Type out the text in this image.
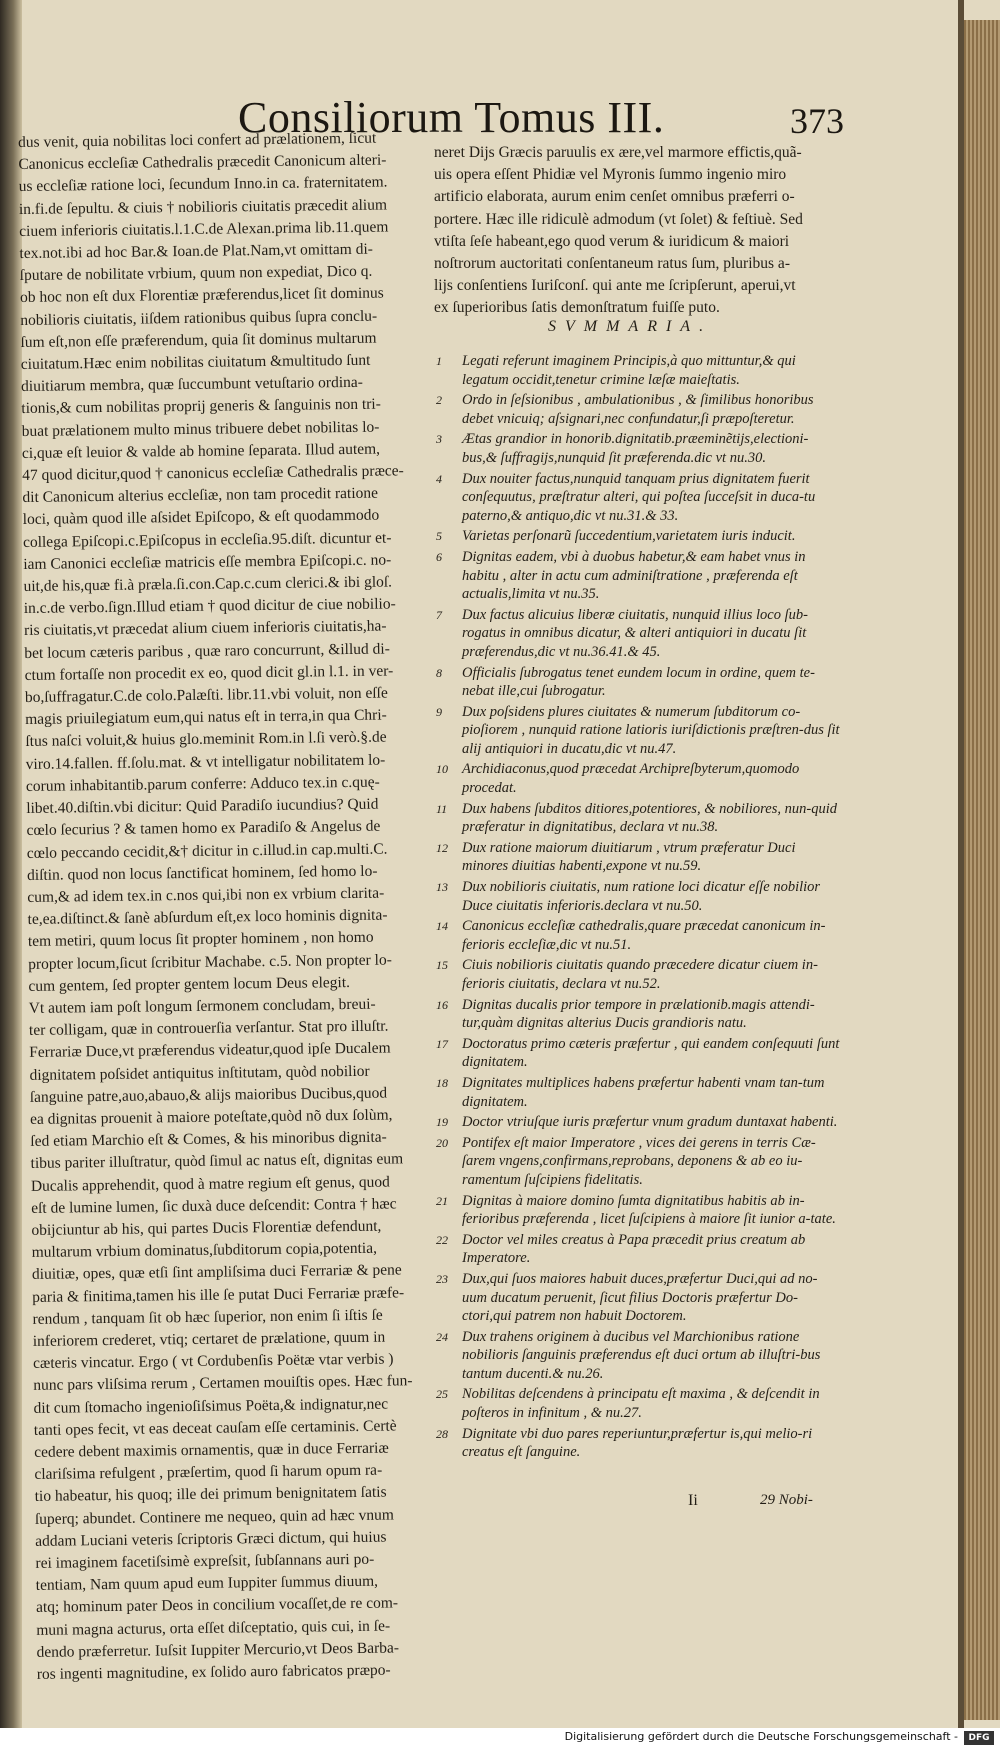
Consiliorum Tomus III.	373
dus venit, quia nobilitas loci confert ad prælationem, ſicut
Canonicus eccleſiæ Cathedralis præcedit Canonicum alteri-
us eccleſiæ ratione loci, ſecundum Inno.in ca. fraternitatem.
in.fi.de ſepultu. & ciuis † nobilioris ciuitatis præcedit alium
ciuem inferioris ciuitatis.l.1.C.de Alexan.prima lib.11.quem
tex.not.ibi ad hoc Bar.& Ioan.de Plat.Nam,vt omittam di-
ſputare de nobilitate vrbium, quum non expediat, Dico q.
ob hoc non eſt dux Florentiæ præferendus,licet ſit dominus
nobilioris ciuitatis, iiſdem rationibus quibus ſupra conclu-
ſum eſt,non eſſe præferendum, quia ſit dominus multarum
ciuitatum.Hæc enim nobilitas ciuitatum &multitudo ſunt
diuitiarum membra, quæ ſuccumbunt vetuſtario ordina-
tionis,& cum nobilitas proprij generis & ſanguinis non tri-
buat prælationem multo minus tribuere debet nobilitas lo-
ci,quæ eſt leuior & valde ab homine ſeparata. Illud autem,
47 quod dicitur,quod † canonicus eccleſiæ Cathedralis præce-
dit Canonicum alterius eccleſiæ, non tam procedit ratione
loci, quàm quod ille aſsidet Epiſcopo, & eſt quodammodo
collega Epiſcopi.c.Epiſcopus in eccleſia.95.diſt. dicuntur et-
iam Canonici eccleſiæ matricis eſſe membra Epiſcopi.c. no-
uit,de his,quæ fi.à præla.ſi.con.Cap.c.cum clerici.& ibi gloſ.
in.c.de verbo.ſign.Illud etiam † quod dicitur de ciue nobilio-
ris ciuitatis,vt præcedat alium ciuem inferioris ciuitatis,ha-
bet locum cæteris paribus , quæ raro concurrunt, &illud di-
ctum fortaſſe non procedit ex eo, quod dicit gl.in l.1. in ver-
bo,ſuffragatur.C.de colo.Palæſti. libr.11.vbi voluit, non eſſe
magis priuilegiatum eum,qui natus eſt in terra,in qua Chri-
ſtus naſci voluit,& huius glo.meminit Rom.in l.ſi verò.§.de
viro.14.fallen. ff.ſolu.mat. & vt intelligatur nobilitatem lo-
corum inhabitantib.parum conferre: Adduco tex.in c.quę-
libet.40.diſtin.vbi dicitur: Quid Paradiſo iucundius? Quid
cœlo ſecurius ? & tamen homo ex Paradiſo & Angelus de
cœlo peccando cecidit,&† dicitur in c.illud.in cap.multi.C.
diſtin. quod non locus ſanctificat hominem, ſed homo lo-
cum,& ad idem tex.in c.nos qui,ibi non ex vrbium clarita-
te,ea.diſtinct.& ſanè abſurdum eſt,ex loco hominis dignita-
tem metiri, quum locus ſit propter hominem , non homo
propter locum,ſicut ſcribitur Machabe. c.5. Non propter lo-
cum gentem, ſed propter gentem locum Deus elegit.
Vt autem iam poſt longum ſermonem concludam, breui-
ter colligam, quæ in controuerſia verſantur. Stat pro illuſtr.
Ferrariæ Duce,vt præferendus videatur,quod ipſe Ducalem
dignitatem poſsidet antiquitus inſtitutam, quòd nobilior
ſanguine patre,auo,abauo,& alijs maioribus Ducibus,quod
ea dignitas prouenit à maiore poteſtate,quòd nõ dux ſolùm,
ſed etiam Marchio eſt & Comes, & his minoribus dignita-
tibus pariter illuſtratur, quòd ſimul ac natus eſt, dignitas eum
Ducalis apprehendit, quod à matre regium eſt genus, quod
eſt de lumine lumen, ſic duxà duce deſcendit: Contra † hæc
obijciuntur ab his, qui partes Ducis Florentiæ defendunt,
multarum vrbium dominatus,ſubditorum copia,potentia,
diuitiæ, opes, quæ etſi ſint ampliſsima duci Ferrariæ & pene
paria & finitima,tamen his ille ſe putat Duci Ferrariæ præfe-
rendum , tanquam ſit ob hæc ſuperior, non enim ſi iſtis ſe
inferiorem crederet, vtiq; certaret de prælatione, quum in
cæteris vincatur. Ergo ( vt Cordubenſis Poëtæ vtar verbis )
nunc pars vliſsima rerum , Certamen mouiſtis opes. Hæc fun-
dit cum ſtomacho ingenioſiſsimus Poëta,& indignatur,nec
tanti opes fecit, vt eas deceat cauſam eſſe certaminis. Certè
cedere debent maximis ornamentis, quæ in duce Ferrariæ
clariſsima refulgent , præſertim, quod ſi harum opum ra-
tio habeatur, his quoq; ille dei primum benignitatem ſatis
ſuperq; abundet. Continere me nequeo, quin ad hæc vnum
addam Luciani veteris ſcriptoris Græci dictum, qui huius
rei imaginem facetiſsimè expreſsit, ſubſannans auri po-
tentiam, Nam quum apud eum Iuppiter ſummus diuum,
atq; hominum pater Deos in concilium vocaſſet,de re com-
muni magna acturus, orta eſſet diſceptatio, quis cui, in ſe-
dendo præferretur. Iuſsit Iuppiter Mercurio,vt Deos Barba-
ros ingenti magnitudine, ex ſolido auro fabricatos præpo-
neret Dijs Græcis paruulis ex ære,vel marmore effictis,quã-
uis opera eſſent Phidiæ vel Myronis ſummo ingenio miro
artificio elaborata, aurum enim cenſet omnibus præferri o-
portere. Hæc ille ridiculè admodum (vt ſolet) & feſtiuè. Sed
vtiſta ſeſe habeant,ego quod verum & iuridicum & maiori
noſtrorum auctoritati conſentaneum ratus ſum, pluribus a-
lijs conſentiens Iuriſconſ. qui ante me ſcripſerunt, aperui,vt
ex ſuperioribus ſatis demonſtratum fuiſſe puto.
SVMMARIA.
1 Legati referunt imaginem Principis,à quo mittuntur,& qui legatum occidit,tenetur crimine læſæ maieſtatis.
2 Ordo in ſeſsionibus , ambulationibus , & ſimilibus honoribus debet vnicuiq; aſsignari,nec confundatur,ſi præpoſteretur.
3 Ætas grandior in honorib.dignitatib.præeminẽtijs,electioni-bus,& ſuffragijs,nunquid ſit præferenda.dic vt nu.30.
4 Dux nouiter factus,nunquid tanquam prius dignitatem fuerit conſequutus, præſtratur alteri, qui poſtea ſucceſsit in duca-tu paterno,& antiquo,dic vt nu.31.& 33.
5 Varietas perſonarũ ſuccedentium,varietatem iuris inducit.
6 Dignitas eadem, vbi à duobus habetur,& eam habet vnus in habitu , alter in actu cum adminiſtratione , præferenda eſt actualis,limita vt nu.35.
7 Dux factus alicuius liberæ ciuitatis, nunquid illius loco ſub-rogatus in omnibus dicatur, & alteri antiquiori in ducatu ſit præferendus,dic vt nu.36.41.& 45.
8 Officialis ſubrogatus tenet eundem locum in ordine, quem te-nebat ille,cui ſubrogatur.
9 Dux poſsidens plures ciuitates & numerum ſubditorum co-pioſiorem , nunquid ratione latioris iuriſdictionis præſtren-dus ſit alij antiquiori in ducatu,dic vt nu.47.
10 Archidiaconus,quod præcedat Archipreſbyterum,quomodo procedat.
11 Dux habens ſubditos ditiores,potentiores, & nobiliores, nun-quid præferatur in dignitatibus, declara vt nu.38.
12 Dux ratione maiorum diuitiarum , vtrum præferatur Duci minores diuitias habenti,expone vt nu.59.
13 Dux nobilioris ciuitatis, num ratione loci dicatur eſſe nobilior Duce ciuitatis inferioris.declara vt nu.50.
14 Canonicus eccleſiæ cathedralis,quare præcedat canonicum in-ferioris eccleſiæ,dic vt nu.51.
15 Ciuis nobilioris ciuitatis quando præcedere dicatur ciuem in-ferioris ciuitatis, declara vt nu.52.
16 Dignitas ducalis prior tempore in prælationib.magis attendi-tur,quàm dignitas alterius Ducis grandioris natu.
17 Doctoratus primo cæteris præfertur , qui eandem conſequuti ſunt dignitatem.
18 Dignitates multiplices habens præfertur habenti vnam tan-tum dignitatem.
19 Doctor vtriuſque iuris præfertur vnum gradum duntaxat habenti.
20 Pontifex eſt maior Imperatore , vices dei gerens in terris Cæ-ſarem vngens,confirmans,reprobans, deponens & ab eo iu-ramentum ſuſcipiens fidelitatis.
21 Dignitas à maiore domino ſumta dignitatibus habitis ab in-ferioribus præferenda , licet ſuſcipiens à maiore ſit iunior a-tate.
22 Doctor vel miles creatus à Papa præcedit prius creatum ab Imperatore.
23 Dux,qui ſuos maiores habuit duces,præfertur Duci,qui ad no-uum ducatum peruenit, ſicut filius Doctoris præfertur Do-ctori,qui patrem non habuit Doctorem.
24 Dux trahens originem à ducibus vel Marchionibus ratione nobilioris ſanguinis præferendus eſt duci ortum ab illuſtri-bus tantum ducenti.& nu.26.
25 Nobilitas deſcendens à principatu eſt maxima , & deſcendit in poſteros in infinitum , & nu.27.
28 Dignitate vbi duo pares reperiuntur,præfertur is,qui melio-ri creatus eſt ſanguine.
Ii	29 Nobi-
Digitalisierung gefördert durch die Deutsche Forschungsgemeinschaft -	DFG
